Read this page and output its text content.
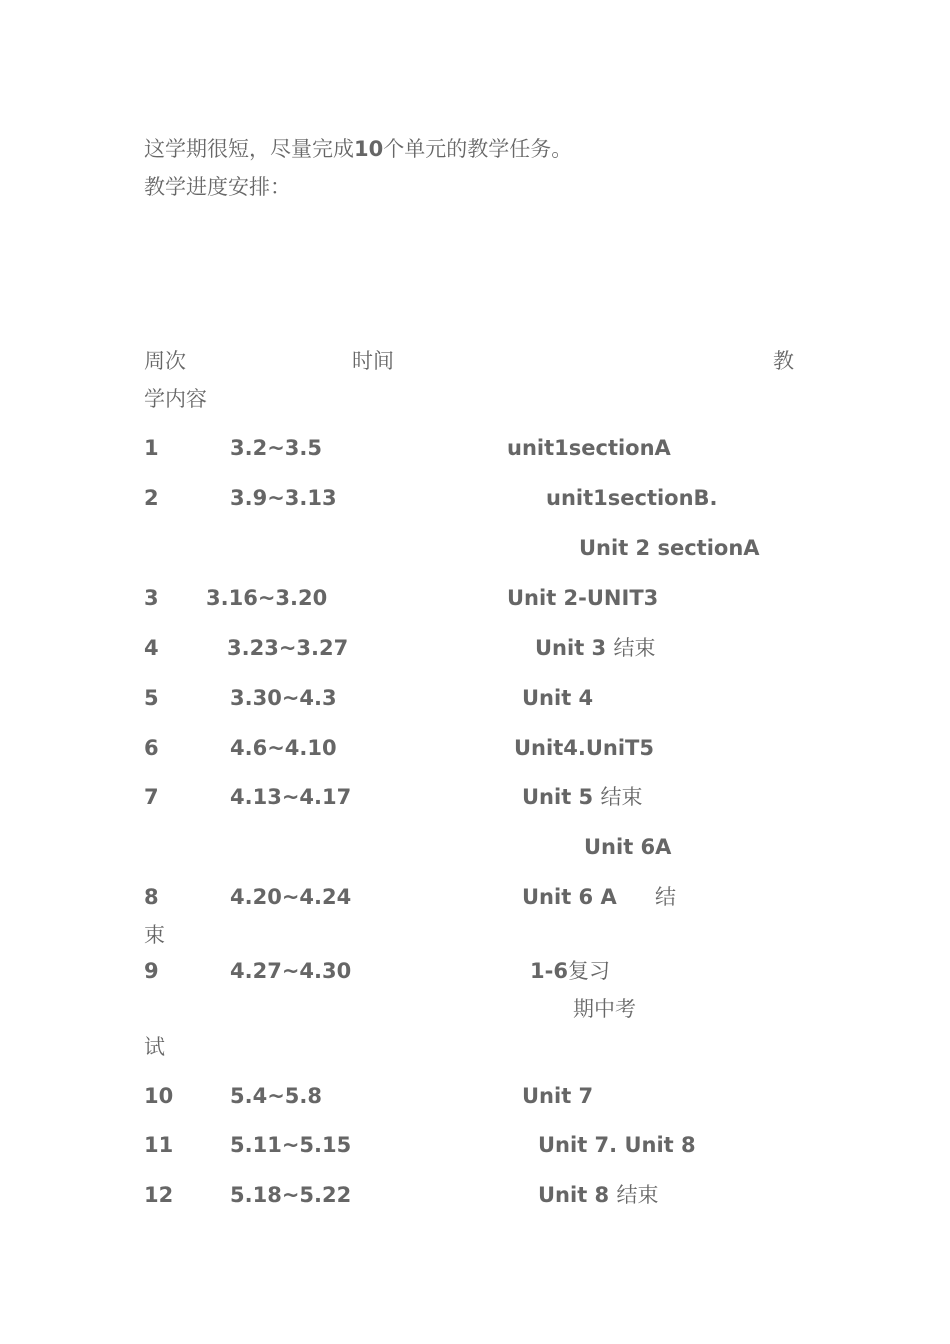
这学期很短，尽量完成10个单元的教学任务。
教学进度安排：
周次	时间	教
学内容
1	3.2~3.5	unit1sectionA
2	3.9~3.13	unit1sectionB.
Unit 2 sectionA
3 3.16~3.20	Unit 2-UNIT3
4	3.23~3.27	Unit 3 结束
5	3.30~4.3	Unit 4
6	4.6~4.10	Unit4.UniT5
7	4.13~4.17	Unit 5 结束
Unit 6A
8	4.20~4.24	Unit 6 A 结
束
9	4.27~4.30	1-6复习
期中考
试
10	5.4~5.8	Unit 7
11	5.11~5.15	Unit 7. Unit 8
12	5.18~5.22	Unit 8 结束
